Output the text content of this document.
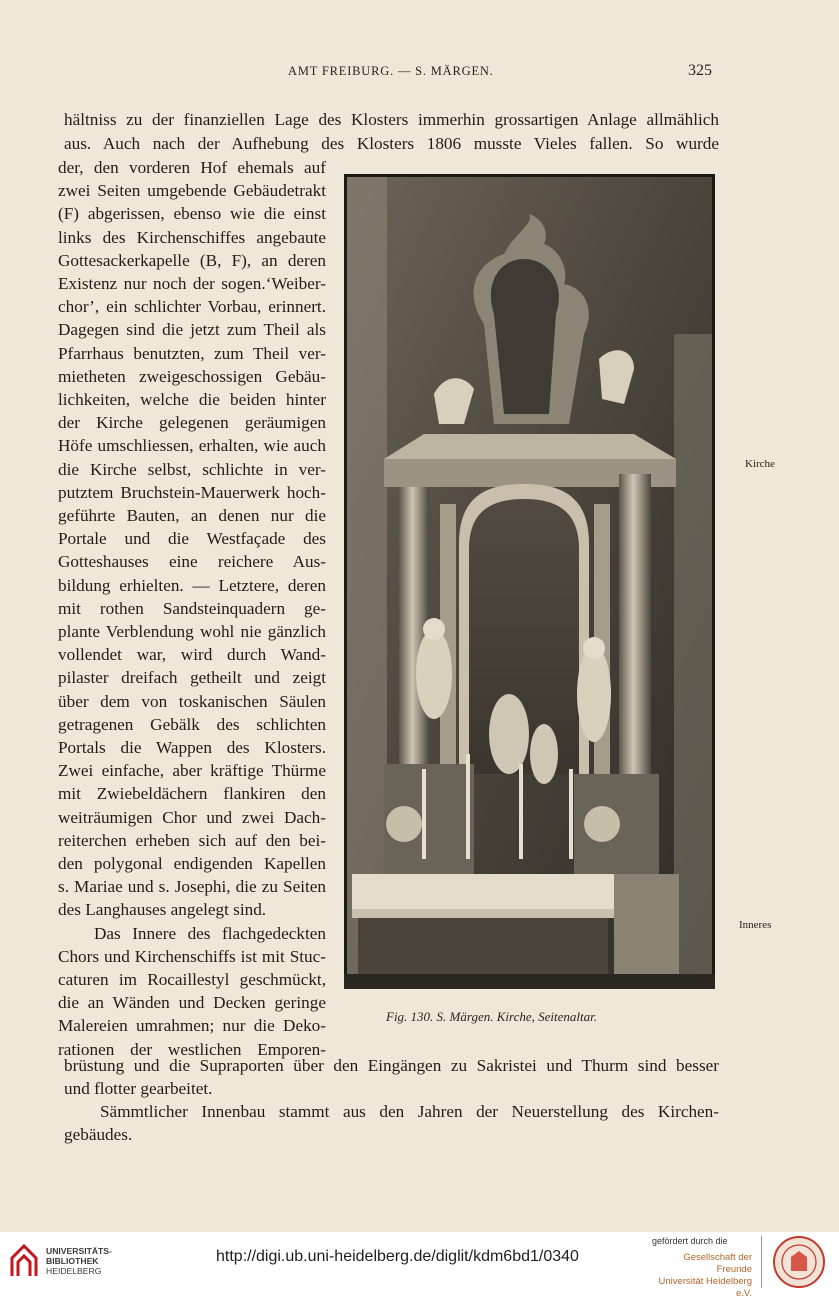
AMT FREIBURG. — S. MÄRGEN.	325
hältniss zu der finanziellen Lage des Klosters immerhin grossartigen Anlage allmählich
aus. Auch nach der Aufhebung des Klosters 1806 musste Vieles fallen. So wurde
der, den vorderen Hof ehemals auf
zwei Seiten umgebende Gebäudetrakt
(F) abgerissen, ebenso wie die einst
links des Kirchenschiffes angebaute
Gottesackerkapelle (B, F), an deren
Existenz nur noch der sogen.‘Weiber-
chor’, ein schlichter Vorbau, erinnert.
Dagegen sind die jetzt zum Theil als
Pfarrhaus benutzten, zum Theil ver-
mietheten zweigeschossigen Gebäu-
lichkeiten, welche die beiden hinter
der Kirche gelegenen geräumigen
Höfe umschliessen, erhalten, wie auch
die Kirche selbst, schlichte in ver-
putztem Bruchstein-Mauerwerk hoch-
geführte Bauten, an denen nur die
Portale und die Westfaçade des
Gotteshauses eine reichere Aus-
bildung erhielten. — Letztere, deren
mit rothen Sandsteinquadern ge-
plante Verblendung wohl nie gänzlich
vollendet war, wird durch Wand-
pilaster dreifach getheilt und zeigt
über dem von toskanischen Säulen
getragenen Gebälk des schlichten
Portals die Wappen des Klosters.
Zwei einfache, aber kräftige Thürme
mit Zwiebeldächern flankiren den
weiträumigen Chor und zwei Dach-
reiterchen erheben sich auf den bei-
den polygonal endigenden Kapellen
s. Mariae und s. Josephi, die zu Seiten
des Langhauses angelegt sind.
Das Innere des flachgedeckten
Chors und Kirchenschiffs ist mit Stuc-
caturen im Rocaillestyl geschmückt,
die an Wänden und Decken geringe
Malereien umrahmen; nur die Deko-
rationen der westlichen Emporen-
brüstung und die Supraporten über den Eingängen zu Sakristei und Thurm sind besser
und flotter gearbeitet.
Sämmtlicher Innenbau stammt aus den Jahren der Neuerstellung des Kirchen-
gebäudes.
Kirche
Inneres
Fig. 130. S. Märgen. Kirche, Seitenaltar.
UNIVERSITÄTS-
BIBLIOTHEK
HEIDELBERG
http://digi.ub.uni-heidelberg.de/diglit/kdm6bd1/0340
gefördert durch die
Gesellschaft der Freunde
Universität Heidelberg e.V.
